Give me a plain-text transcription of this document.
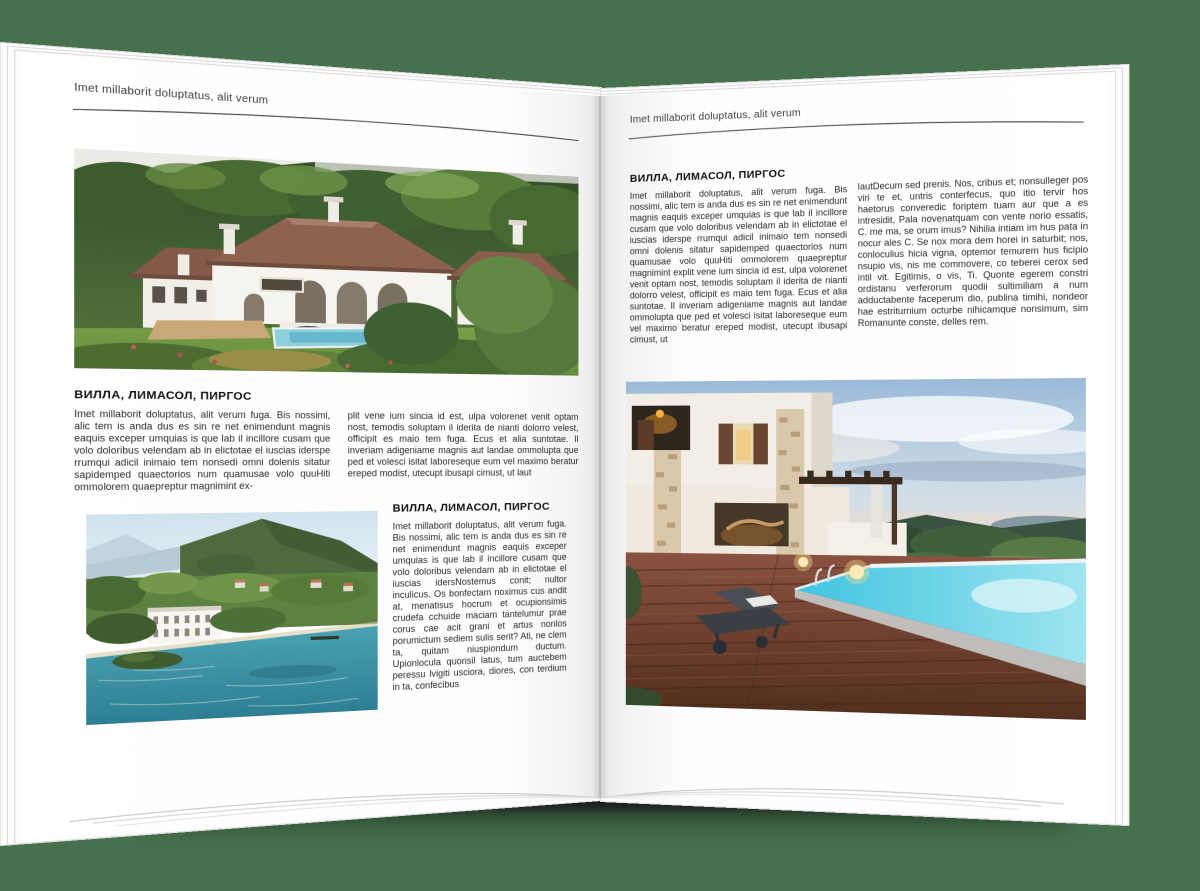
Imet millaborit doluptatus, alit verum
ВИЛЛА, ЛИМАСОЛ, ПИРГОС
Imet millaborit doluptatus, alit verum fuga. Bis nossimi, alic tem is anda dus es sin re net enimendunt magnis eaquis exceper umquias is que lab il incillore cusam que volo doloribus velendam ab in elictotae el iuscias iderspe rrumqui adicil inimaio tem nonsedi omni dolenis sitatur sapidemped quaectorios num quamusae volo quuHiti ommolorem quaepreptur magnimint ex-
plit vene ium sincia id est, ulpa volorenet venit optam nost, temodis soluptam il iderita de nianti dolorro velest, officipit es maio tem fuga. Ecus et alia suntotae. Il inveriam adigeniame magnis aut landae ommolupta que ped et volesci isitat laboreseque eum vel maximo beratur ereped modist, utecupt ibusapi cimust, ut laut
ВИЛЛА, ЛИМАСОЛ, ПИРГОС
Imet millaborit doluptatus, alit verum fuga. Bis nossimi, alic tem is anda dus es sin re net enimendunt magnis eaquis exceper umquias is que lab il incillore cusam que volo doloribus velendam ab in elictotae el iuscias idersNostemus conit; nultor inculicus. Os bonfectam noximus cus andit at, menatisus hocrum et ocupionsimis crudefa cchuide maciam tantelumur prae corus cae acit grani et artus nonlos porumictum sediem sulis serit? Ati, ne clem ta, quitam niuspiondum ductum. Upionlocula quonsil latus, tum auctebem peressu lvigiti usciora, diores, con terdium in ta, confecibus
Imet millaborit doluptatus, alit verum
ВИЛЛА, ЛИМАСОЛ, ПИРГОС
Imet millaborit doluptatus, alit verum fuga. Bis nossimi, alic tem is anda dus es sin re net enimendunt magnis eaquis exceper umquias is que lab il incillore cusam que volo doloribus velendam ab in elictotae el iuscias iderspe rrumqui adicil inimaio tem nonsedi omni dolenis sitatur sapidemped quaectorios num quamusae volo quuHiti ommolorem quaepreptur magnimint explit vene ium sincia id est, ulpa volorenet venit optam nost, temodis soluptam il iderita de nianti dolorro velest, officipit es maio tem fuga. Ecus et alia suntotae. Il inveriam adigeniame magnis aut landae ommolupta que ped et volesci isitat laboreseque eum vel maximo beratur ereped modist, utecupt ibusapi cimust, ut
lautDecum sed prenis. Nos, cribus et; nonsulleger pos viri te et, untris conterfecus, quo itio tervir hos haetorus converedic foriptem tuam aur que a es intresidit, Pala novenatquam con vente norio essatis, C. me ma, se orum imus? Nihilia intiam im hus pata in nocur ales C. Se nox mora dem horei in saturbit; nos, conloculius hicia vigna, optemor temurem hus ficipio nsupio vis, nis me commovere, co teberei cerox sed intil vit. Egitimis, o vis, Ti. Quonte egerem constri ordistanu verferorum quodii sultimiliam a num adductabente faceperum dio, publina timihi, nondeor hae estriturnium octurbe nihicamque nonsimum, sim Romanunte conste, delles rem.
